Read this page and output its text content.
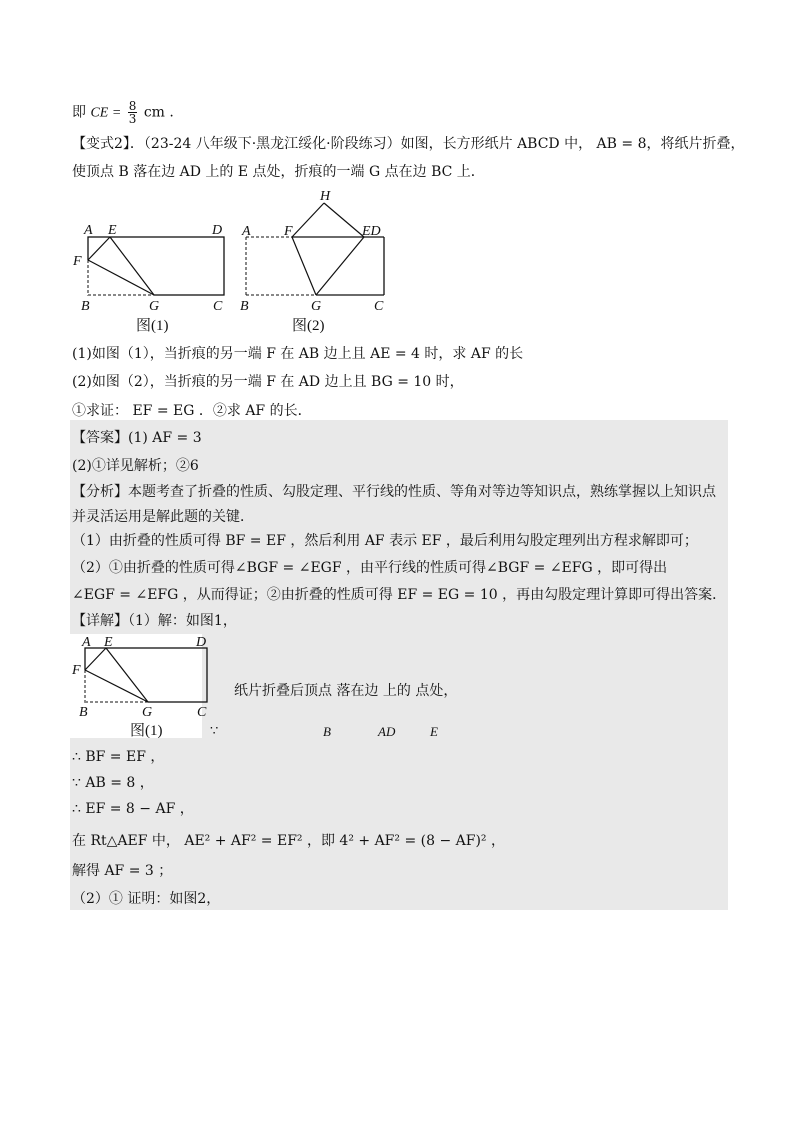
即 CE = $\frac{8}{3}$ cm .
【变式2】．（23-24 八年级下·黑龙江绥化·阶段练习）如图，长方形纸片 ABCD 中， AB = 8，将纸片折叠，
使顶点 B 落在边 AD 上的 E 点处，折痕的一端 G 点在边 BC 上．
A E	D
F
B	G	C
图(1)
H
A F	ED
B	G	C
图(2)
(1)如图（1），当折痕的另一端 F 在 AB 边上且 AE = 4 时，求 AF 的长
(2)如图（2），当折痕的另一端 F 在 AD 边上且 BG = 10 时，
①求证： EF = EG ．②求 AF 的长．
【答案】(1) AF = 3
(2)①详见解析；②6
【分析】本题考查了折叠的性质、勾股定理、平行线的性质、等角对等边等知识点，熟练掌握以上知识点
并灵活运用是解此题的关键．
（1）由折叠的性质可得 BF = EF ，然后利用 AF 表示 EF ，最后利用勾股定理列出方程求解即可；
（2）①由折叠的性质可得∠BGF = ∠EGF ，由平行线的性质可得∠BGF = ∠EFG ，即可得出
∠EGF = ∠EFG ，从而得证；②由折叠的性质可得 EF = EG = 10 ，再由勾股定理计算即可得出答案．
【详解】（1）解：如图1，
A E	D
F
B	G	C
图(1)
纸片折叠后顶点 落在边 上的 点处，
∵	B	AD	E
∴ BF = EF ，
∵ AB = 8 ，
∴ EF = 8 − AF ，
在 Rt△AEF 中， AE² + AF² = EF² ，即 4² + AF² = (8 − AF)² ，
解得 AF = 3 ；
（2）① 证明：如图2，
